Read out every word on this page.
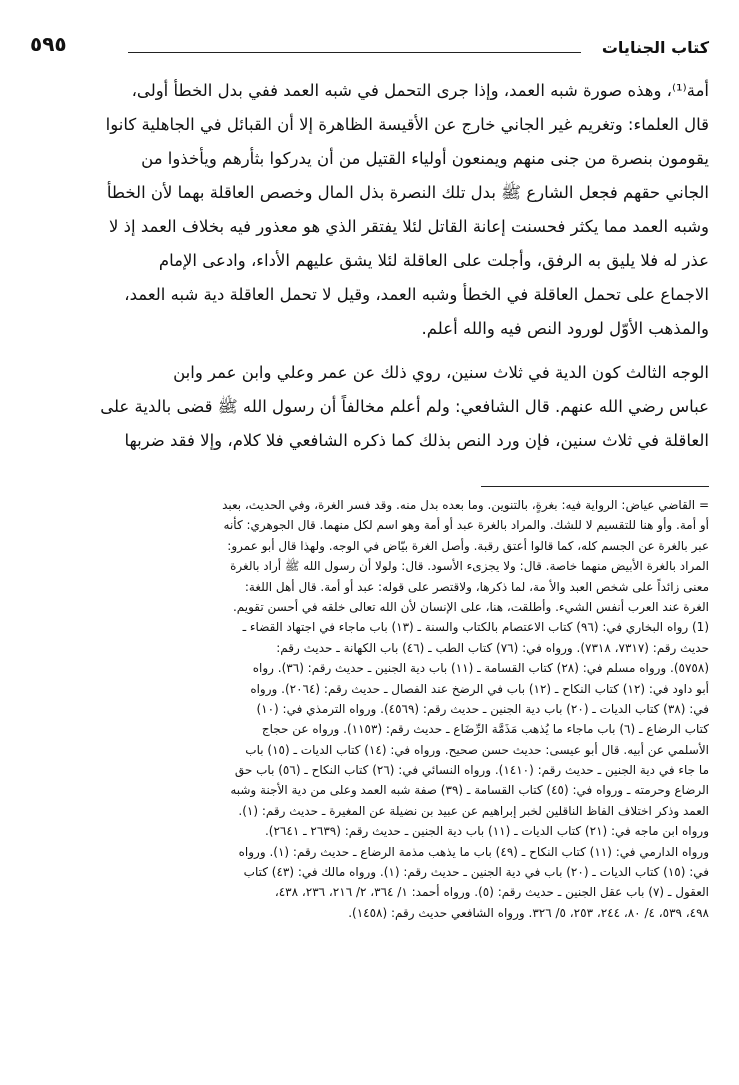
كتاب الجنايات
٥٩٥
أمة⁽¹⁾، وهذه صورة شبه العمد، وإذا جرى التحمل في شبه العمد ففي بدل الخطأ أولى،
قال العلماء: وتغريم غير الجاني خارج عن الأقيسة الظاهرة إلا أن القبائل في الجاهلية كانوا
يقومون بنصرة من جنى منهم ويمنعون أولياء القتيل من أن يدركوا بثأرهم ويأخذوا من
الجاني حقهم فجعل الشارع ﷺ بدل تلك النصرة بذل المال وخصص العاقلة بهما لأن الخطأ
وشبه العمد مما يكثر فحسنت إعانة القاتل لئلا يفتقر الذي هو معذور فيه بخلاف العمد إذ لا
عذر له فلا يليق به الرفق، وأجلت على العاقلة لئلا يشق عليهم الأداء، وادعى الإمام
الاجماع على تحمل العاقلة في الخطأ وشبه العمد، وقيل لا تحمل العاقلة دية شبه العمد،
والمذهب الأوّل لورود النص فيه والله أعلم.
الوجه الثالث كون الدية في ثلاث سنين، روي ذلك عن عمر وعلي وابن عمر وابن
عباس رضي الله عنهم. قال الشافعي: ولم أعلم مخالفاً أن رسول الله ﷺ قضى بالدية على
العاقلة في ثلاث سنين، فإن ورد النص بذلك كما ذكره الشافعي فلا كلام، وإلا فقد ضربها
= القاضي عياض: الرواية فيه: بغرةٍ، بالتنوين. وما بعده بدل منه. وقد فسر الغرة، وفي الحديث، بعبد
أو أمة. وأو هنا للتقسيم لا للشك. والمراد بالغرة عبد أو أمة وهو اسم لكل منهما. قال الجوهري: كأنه
عبر بالغرة عن الجسم كله، كما قالوا أعتق رقبة. وأصل الغرة بيّاض في الوجه. ولهذا قال أبو عمرو:
المراد بالغرة الأبيض منهما خاصة. قال: ولا يجزىء الأسود. قال: ولولا أن رسول الله ﷺ أراد بالغرة
معنى زائداً على شخص العبد والأ مة، لما ذكرها، ولاقتصر على قوله: عبد أو أمة. قال أهل اللغة:
الغرة عند العرب أنفس الشيء. وأطلقت، هنا، على الإنسان لأن الله تعالى خلقه في أحسن تقويم.
(1) رواه البخاري في: (٩٦) كتاب الاعتصام بالكتاب والسنة ـ (١٣) باب ماجاء في اجتهاد القضاء ـ
حديث رقم: (٧٣١٧، ٧٣١٨). ورواه في: (٧٦) كتاب الطب ـ (٤٦) باب الكهانة ـ حديث رقم:
(٥٧٥٨). ورواه مسلم في: (٢٨) كتاب القسامة ـ (١١) باب دية الجنين ـ حديث رقم: (٣٦). رواه
أبو داود في: (١٢) كتاب النكاح ـ (١٢) باب في الرضخ عند الفصال ـ حديث رقم: (٢٠٦٤). ورواه
في: (٣٨) كتاب الديات ـ (٢٠) باب دية الجنين ـ حديث رقم: (٤٥٦٩). ورواه الترمذي في: (١٠)
كتاب الرضاع ـ (٦) باب ماجاء ما يُذهب مَذَمَّة الرِّضَاع ـ حديث رقم: (١١٥٣). ورواه عن حجاج
الأسلمي عن أبيه. قال أبو عيسى: حديث حسن صحيح. ورواه في: (١٤) كتاب الديات ـ (١٥) باب
ما جاء في دية الجنين ـ حديث رقم: (١٤١٠). ورواه النسائي في: (٢٦) كتاب النكاح ـ (٥٦) باب حق
الرضاع وحرمته ـ ورواه في: (٤٥) كتاب القسامة ـ (٣٩) صفة شبه العمد وعلى من دية الأجنة وشبه
العمد وذكر اختلاف الفاظ الناقلين لخبر إبراهيم عن عبيد بن نضيلة عن المغيرة ـ حديث رقم: (١).
ورواه ابن ماجه في: (٢١) كتاب الديات ـ (١١) باب دية الجنين ـ حديث رقم: (٢٦٣٩ ـ ٢٦٤١).
ورواه الدارمي في: (١١) كتاب النكاح ـ (٤٩) باب ما يذهب مذمة الرضاع ـ حديث رقم: (١). ورواه
في: (١٥) كتاب الديات ـ (٢٠) باب في دية الجنين ـ حديث رقم: (١). ورواه مالك في: (٤٣) كتاب
العقول ـ (٧) باب عقل الجنين ـ حديث رقم: (٥). ورواه أحمد: ١/ ٣٦٤، ٢/ ٢١٦، ٢٣٦، ٤٣٨،
٤٩٨، ٥٣٩، ٤/ ٨٠، ٢٤٤، ٢٥٣، ٥/ ٣٢٦. ورواه الشافعي حديث رقم: (١٤٥٨).
